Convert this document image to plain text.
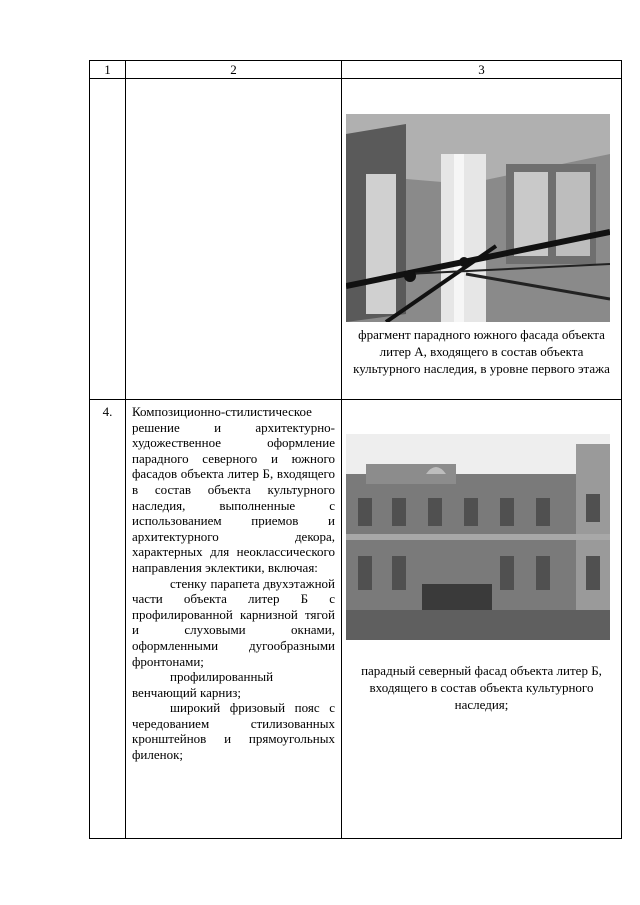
1	2	3

		фрагмент парадного южного фасада объекта литер А, входящего в состав объекта культурного наследия, в уровне первого этажа

4.	Композиционно-стилистическое решение и архитектурно-художественное оформление парадного северного и южного фасадов объекта литер Б, входящего в состав объекта культурного наследия, выполненные с использованием приемов и архитектурного декора, характерных для неоклассического направления эклектики, включая:

стенку парапета двухэтажной части объекта литер Б с профилированной карнизной тягой и слуховыми окнами, оформленными дугообразными фронтонами;

профилированный венчающий карниз;

широкий фризовый пояс с чередованием стилизованных кронштейнов и прямоугольных филенок;	парадный северный фасад объекта литер Б, входящего в состав объекта культурного наследия;
